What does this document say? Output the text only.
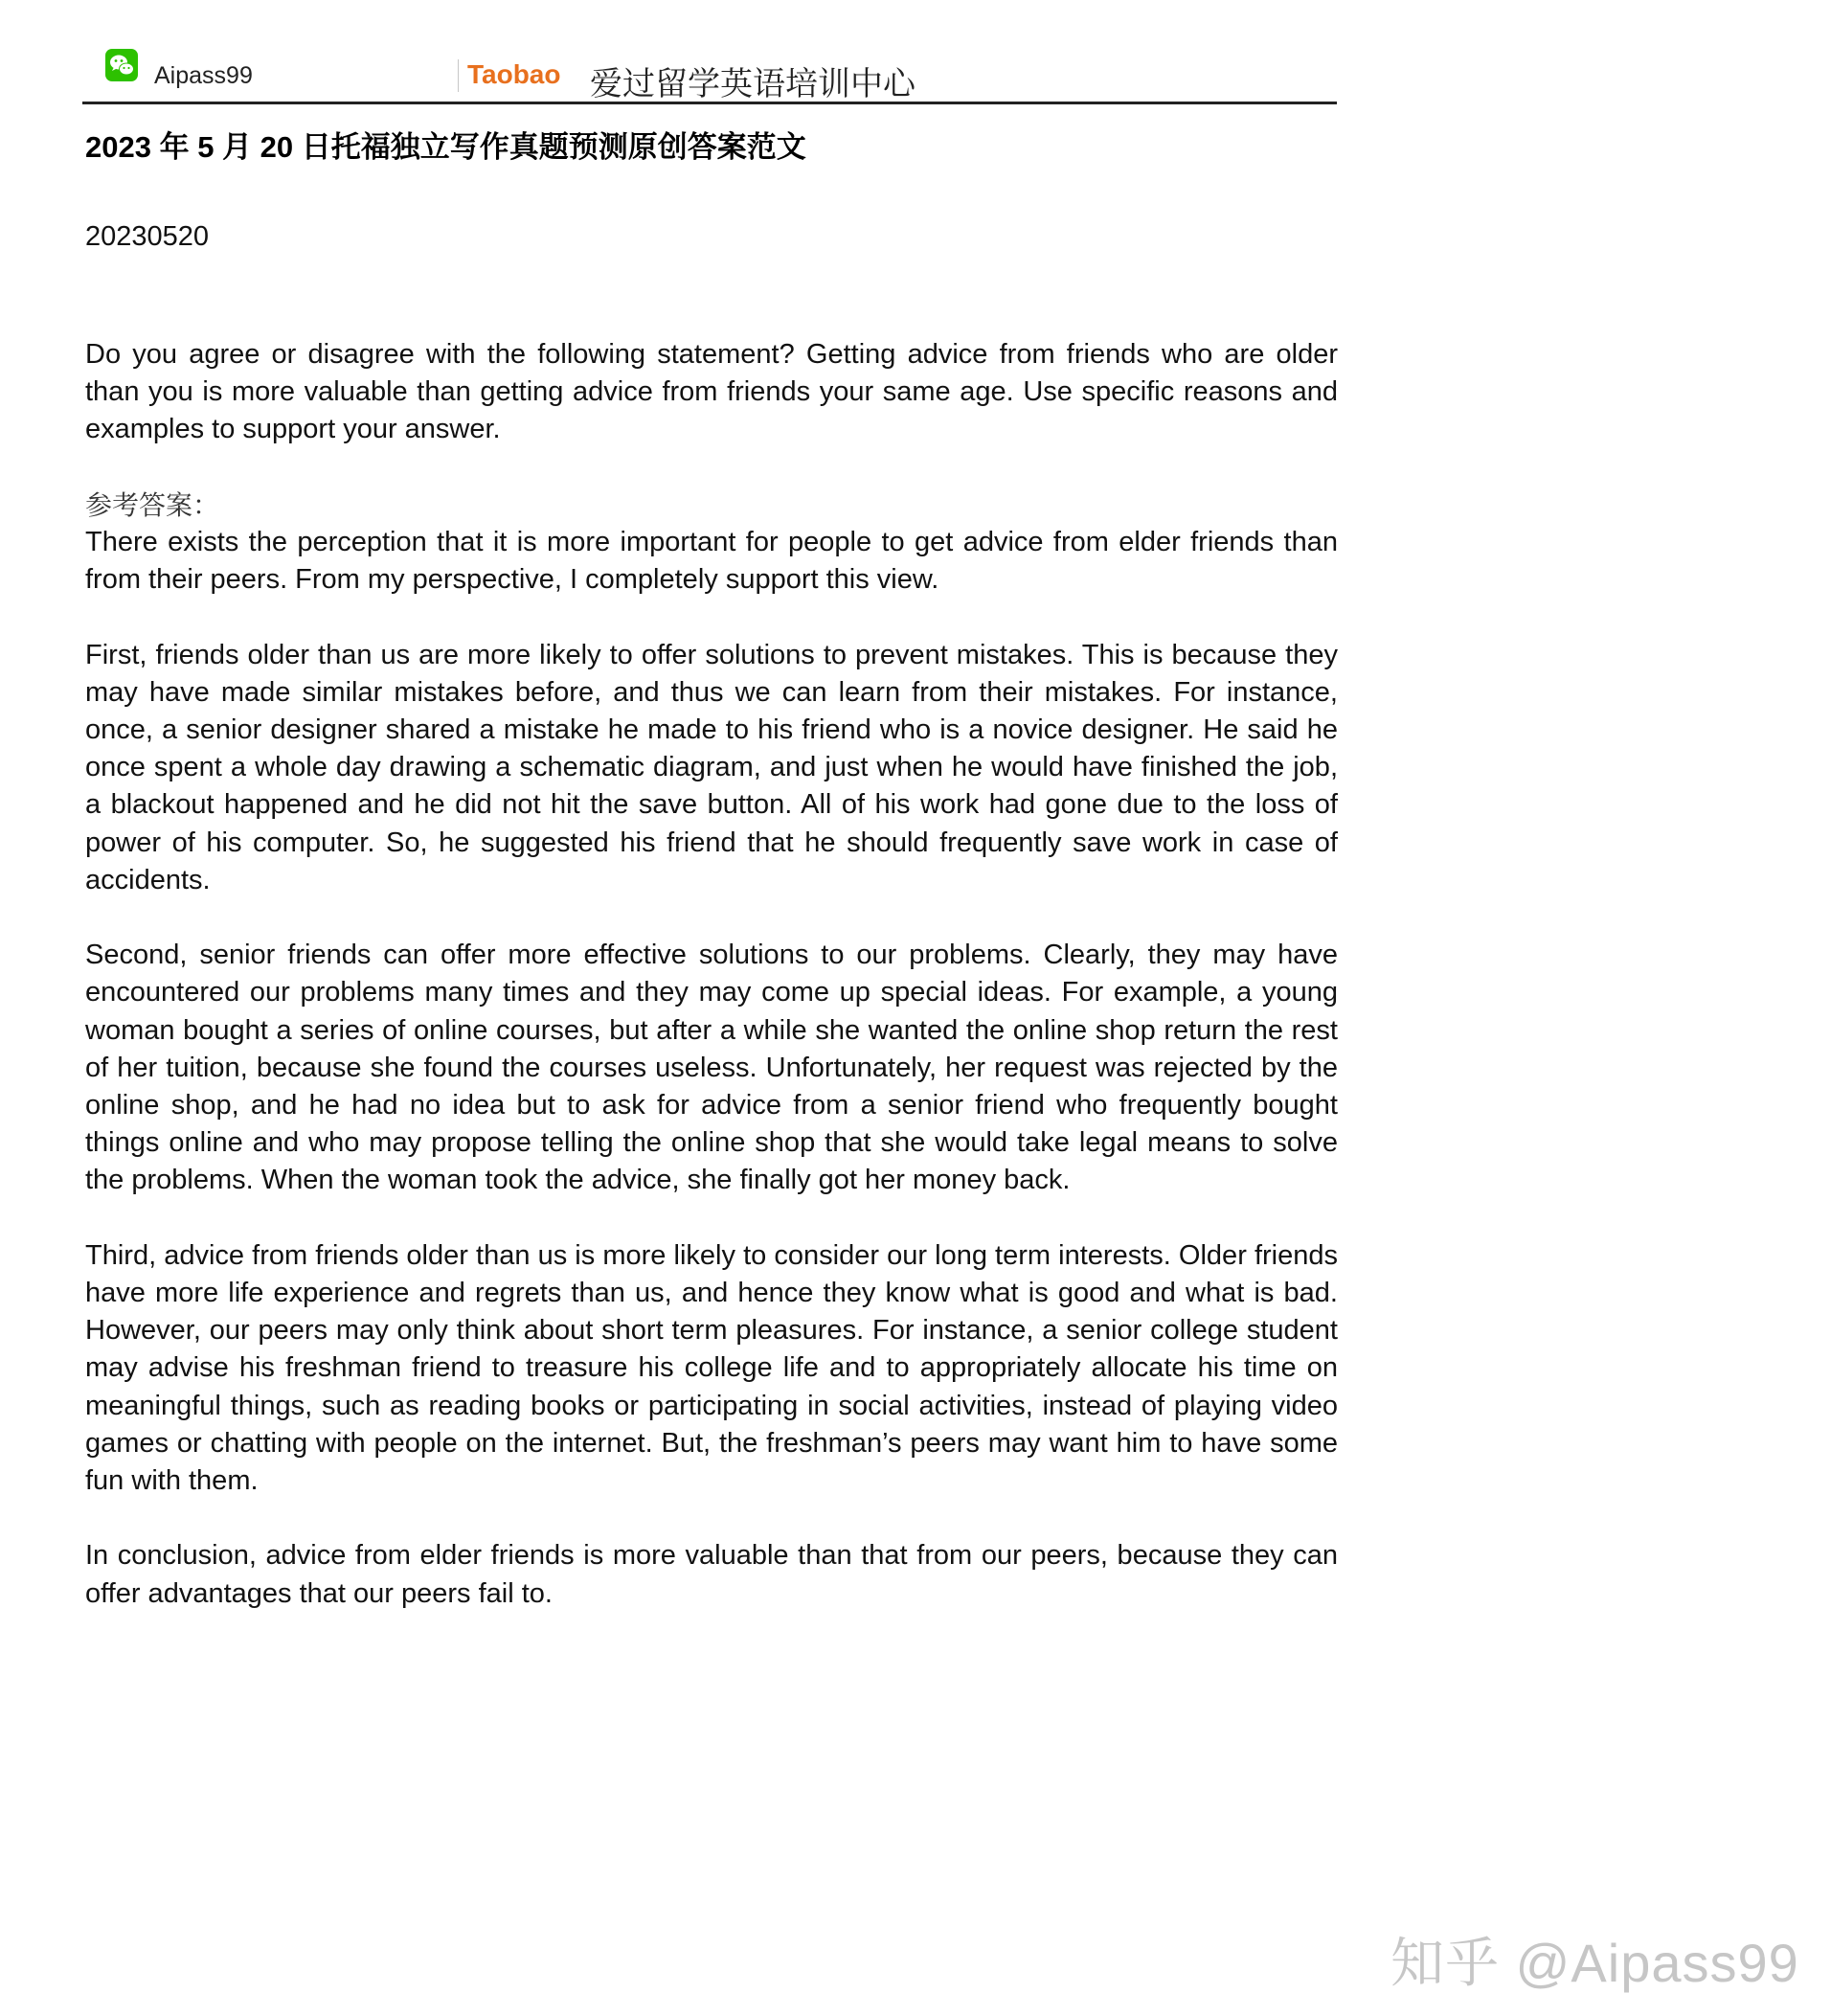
Aipass99	Taobao 爱过留学英语培训中心
2023 年 5 月 20 日托福独立写作真题预测原创答案范文
20230520

Do you agree or disagree with the following statement? Getting advice from friends who are older than you is more valuable than getting advice from friends your same age. Use specific reasons and examples to support your answer.

参考答案：

There exists the perception that it is more important for people to get advice from elder friends than from their peers. From my perspective, I completely support this view.

First, friends older than us are more likely to offer solutions to prevent mistakes. This is because they may have made similar mistakes before, and thus we can learn from their mistakes. For instance, once, a senior designer shared a mistake he made to his friend who is a novice designer. He said he once spent a whole day drawing a schematic diagram, and just when he would have finished the job, a blackout happened and he did not hit the save button. All of his work had gone due to the loss of power of his computer. So, he suggested his friend that he should frequently save work in case of accidents.

Second, senior friends can offer more effective solutions to our problems. Clearly, they may have encountered our problems many times and they may come up special ideas. For example, a young woman bought a series of online courses, but after a while she wanted the online shop return the rest of her tuition, because she found the courses useless. Unfortunately, her request was rejected by the online shop, and he had no idea but to ask for advice from a senior friend who frequently bought things online and who may propose telling the online shop that she would take legal means to solve the problems. When the woman took the advice, she finally got her money back.

Third, advice from friends older than us is more likely to consider our long term interests. Older friends have more life experience and regrets than us, and hence they know what is good and what is bad. However, our peers may only think about short term pleasures. For instance, a senior college student may advise his freshman friend to treasure his college life and to appropriately allocate his time on meaningful things, such as reading books or participating in social activities, instead of playing video games or chatting with people on the internet. But, the freshman’s peers may want him to have some fun with them.

In conclusion, advice from elder friends is more valuable than that from our peers, because they can offer advantages that our peers fail to.

知乎 @Aipass99
